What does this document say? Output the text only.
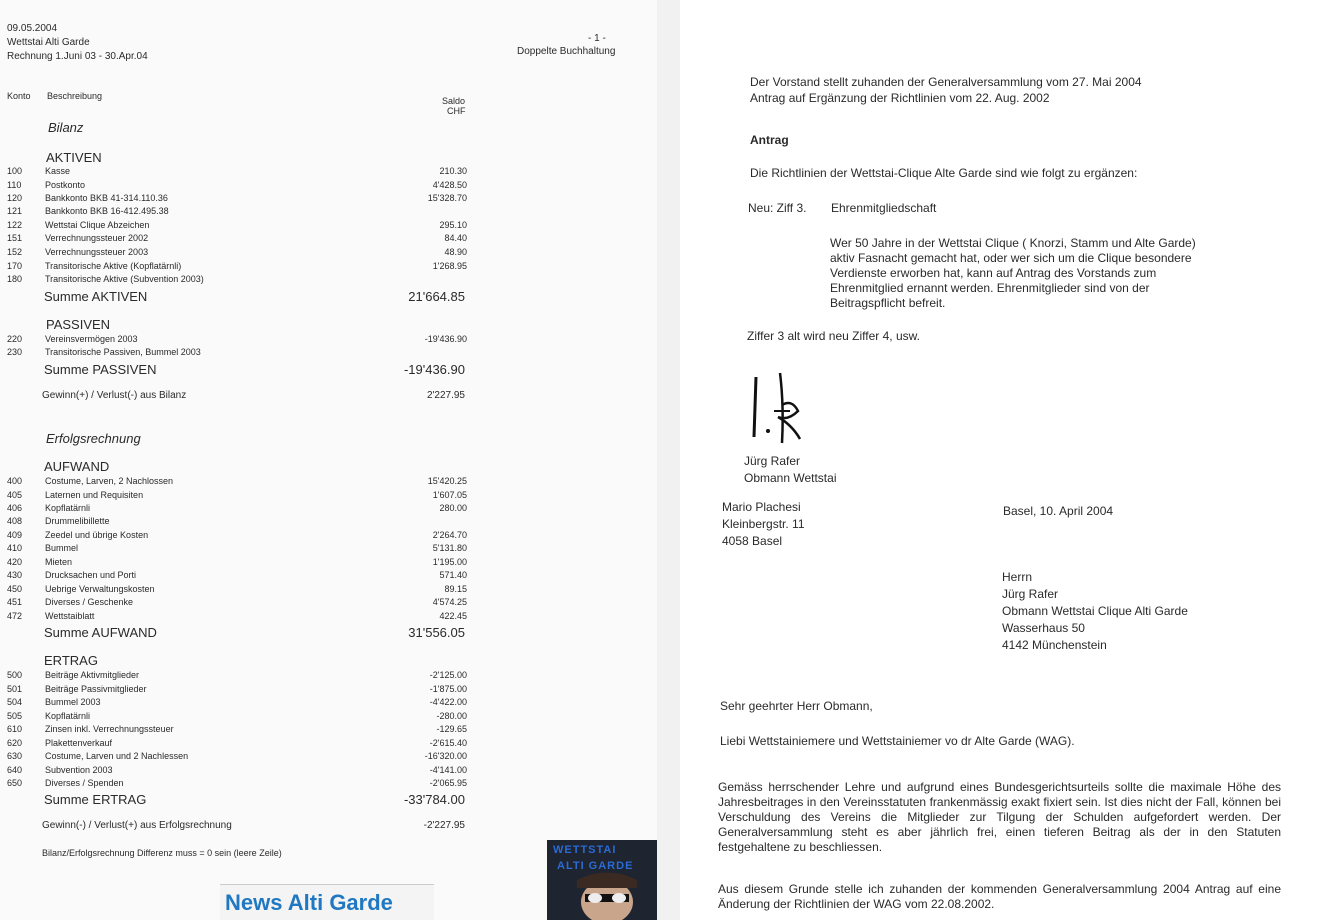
09.05.2004
Wettstai Alti Garde
Rechnung 1.Juni 03 - 30.Apr.04
- 1 -
Doppelte Buchhaltung
Konto Beschreibung	Saldo
CHF
Bilanz
AKTIVEN
100	Kasse	210.30
110	Postkonto	4'428.50
120	Bankkonto BKB 41-314.110.36	15'328.70
121	Bankkonto BKB 16-412.495.38
122	Wettstai Clique Abzeichen	295.10
151	Verrechnungssteuer 2002	84.40
152	Verrechnungssteuer 2003	48.90
170	Transitorische Aktive (Kopflatärnli)	1'268.95
180	Transitorische Aktive (Subvention 2003)
Summe AKTIVEN	21'664.85
PASSIVEN
220	Vereinsvermögen 2003	-19'436.90
230	Transitorische Passiven, Bummel 2003
Summe PASSIVEN	-19'436.90
Gewinn(+) / Verlust(-) aus Bilanz	2'227.95
Erfolgsrechnung
AUFWAND
400	Costume, Larven, 2 Nachlossen	15'420.25
405	Laternen und Requisiten	1'607.05
406	Kopflatärnli	280.00
408	Drummelibillette
409	Zeedel und übrige Kosten	2'264.70
410	Bummel	5'131.80
420	Mieten	1'195.00
430	Drucksachen und Porti	571.40
450	Uebrige Verwaltungskosten	89.15
451	Diverses / Geschenke	4'574.25
472	Wettstaiblatt	422.45
Summe AUFWAND	31'556.05
ERTRAG
500	Beiträge Aktivmitglieder	-2'125.00
501	Beiträge Passivmitglieder	-1'875.00
504	Bummel 2003	-4'422.00
505	Kopflatärnli	-280.00
610	Zinsen inkl. Verrechnungssteuer	-129.65
620	Plakettenverkauf	-2'615.40
630	Costume, Larven und 2 Nachlessen	-16'320.00
640	Subvention 2003	-4'141.00
650	Diverses / Spenden	-2'065.95
Summe ERTRAG	-33'784.00
Gewinn(-) / Verlust(+) aus Erfolgsrechnung	-2'227.95
Bilanz/Erfolgsrechnung Differenz muss = 0 sein (leere Zeile)
News Alti Garde
WETTSTAI
ALTI GARDE
Der Vorstand stellt zuhanden der Generalversammlung vom 27. Mai 2004
Antrag auf Ergänzung der Richtlinien vom 22. Aug. 2002
Antrag
Die Richtlinien der Wettstai-Clique Alte Garde sind wie folgt zu ergänzen:
Neu: Ziff 3. Ehrenmitgliedschaft
Wer 50 Jahre in der Wettstai Clique ( Knorzi, Stamm und Alte Garde) aktiv Fasnacht gemacht hat, oder wer sich um die Clique besondere Verdienste erworben hat, kann auf Antrag des Vorstands zum Ehrenmitglied ernannt werden. Ehrenmitglieder sind von der Beitragspflicht befreit.
Ziffer 3 alt wird neu Ziffer 4, usw.
Jürg Rafer
Obmann Wettstai
Mario Plachesi
Kleinbergstr. 11
4058 Basel
Basel, 10. April 2004
Herrn
Jürg Rafer
Obmann Wettstai Clique Alti Garde
Wasserhaus 50
4142 Münchenstein
Sehr geehrter Herr Obmann,
Liebi Wettstainiemere und Wettstainiemer vo dr Alte Garde (WAG).
Gemäss herrschender Lehre und aufgrund eines Bundesgerichtsurteils sollte die maximale Höhe des Jahresbeitrages in den Vereinsstatuten frankenmässig exakt fixiert sein. Ist dies nicht der Fall, können bei Verschuldung des Vereins die Mitglieder zur Tilgung der Schulden aufgefordert werden. Der Generalversammlung steht es aber jährlich frei, einen tieferen Beitrag als der in den Statuten festgehaltene zu beschliessen.
Aus diesem Grunde stelle ich zuhanden der kommenden Generalversammlung 2004 Antrag auf eine Änderung der Richtlinien der WAG vom 22.08.2002.
